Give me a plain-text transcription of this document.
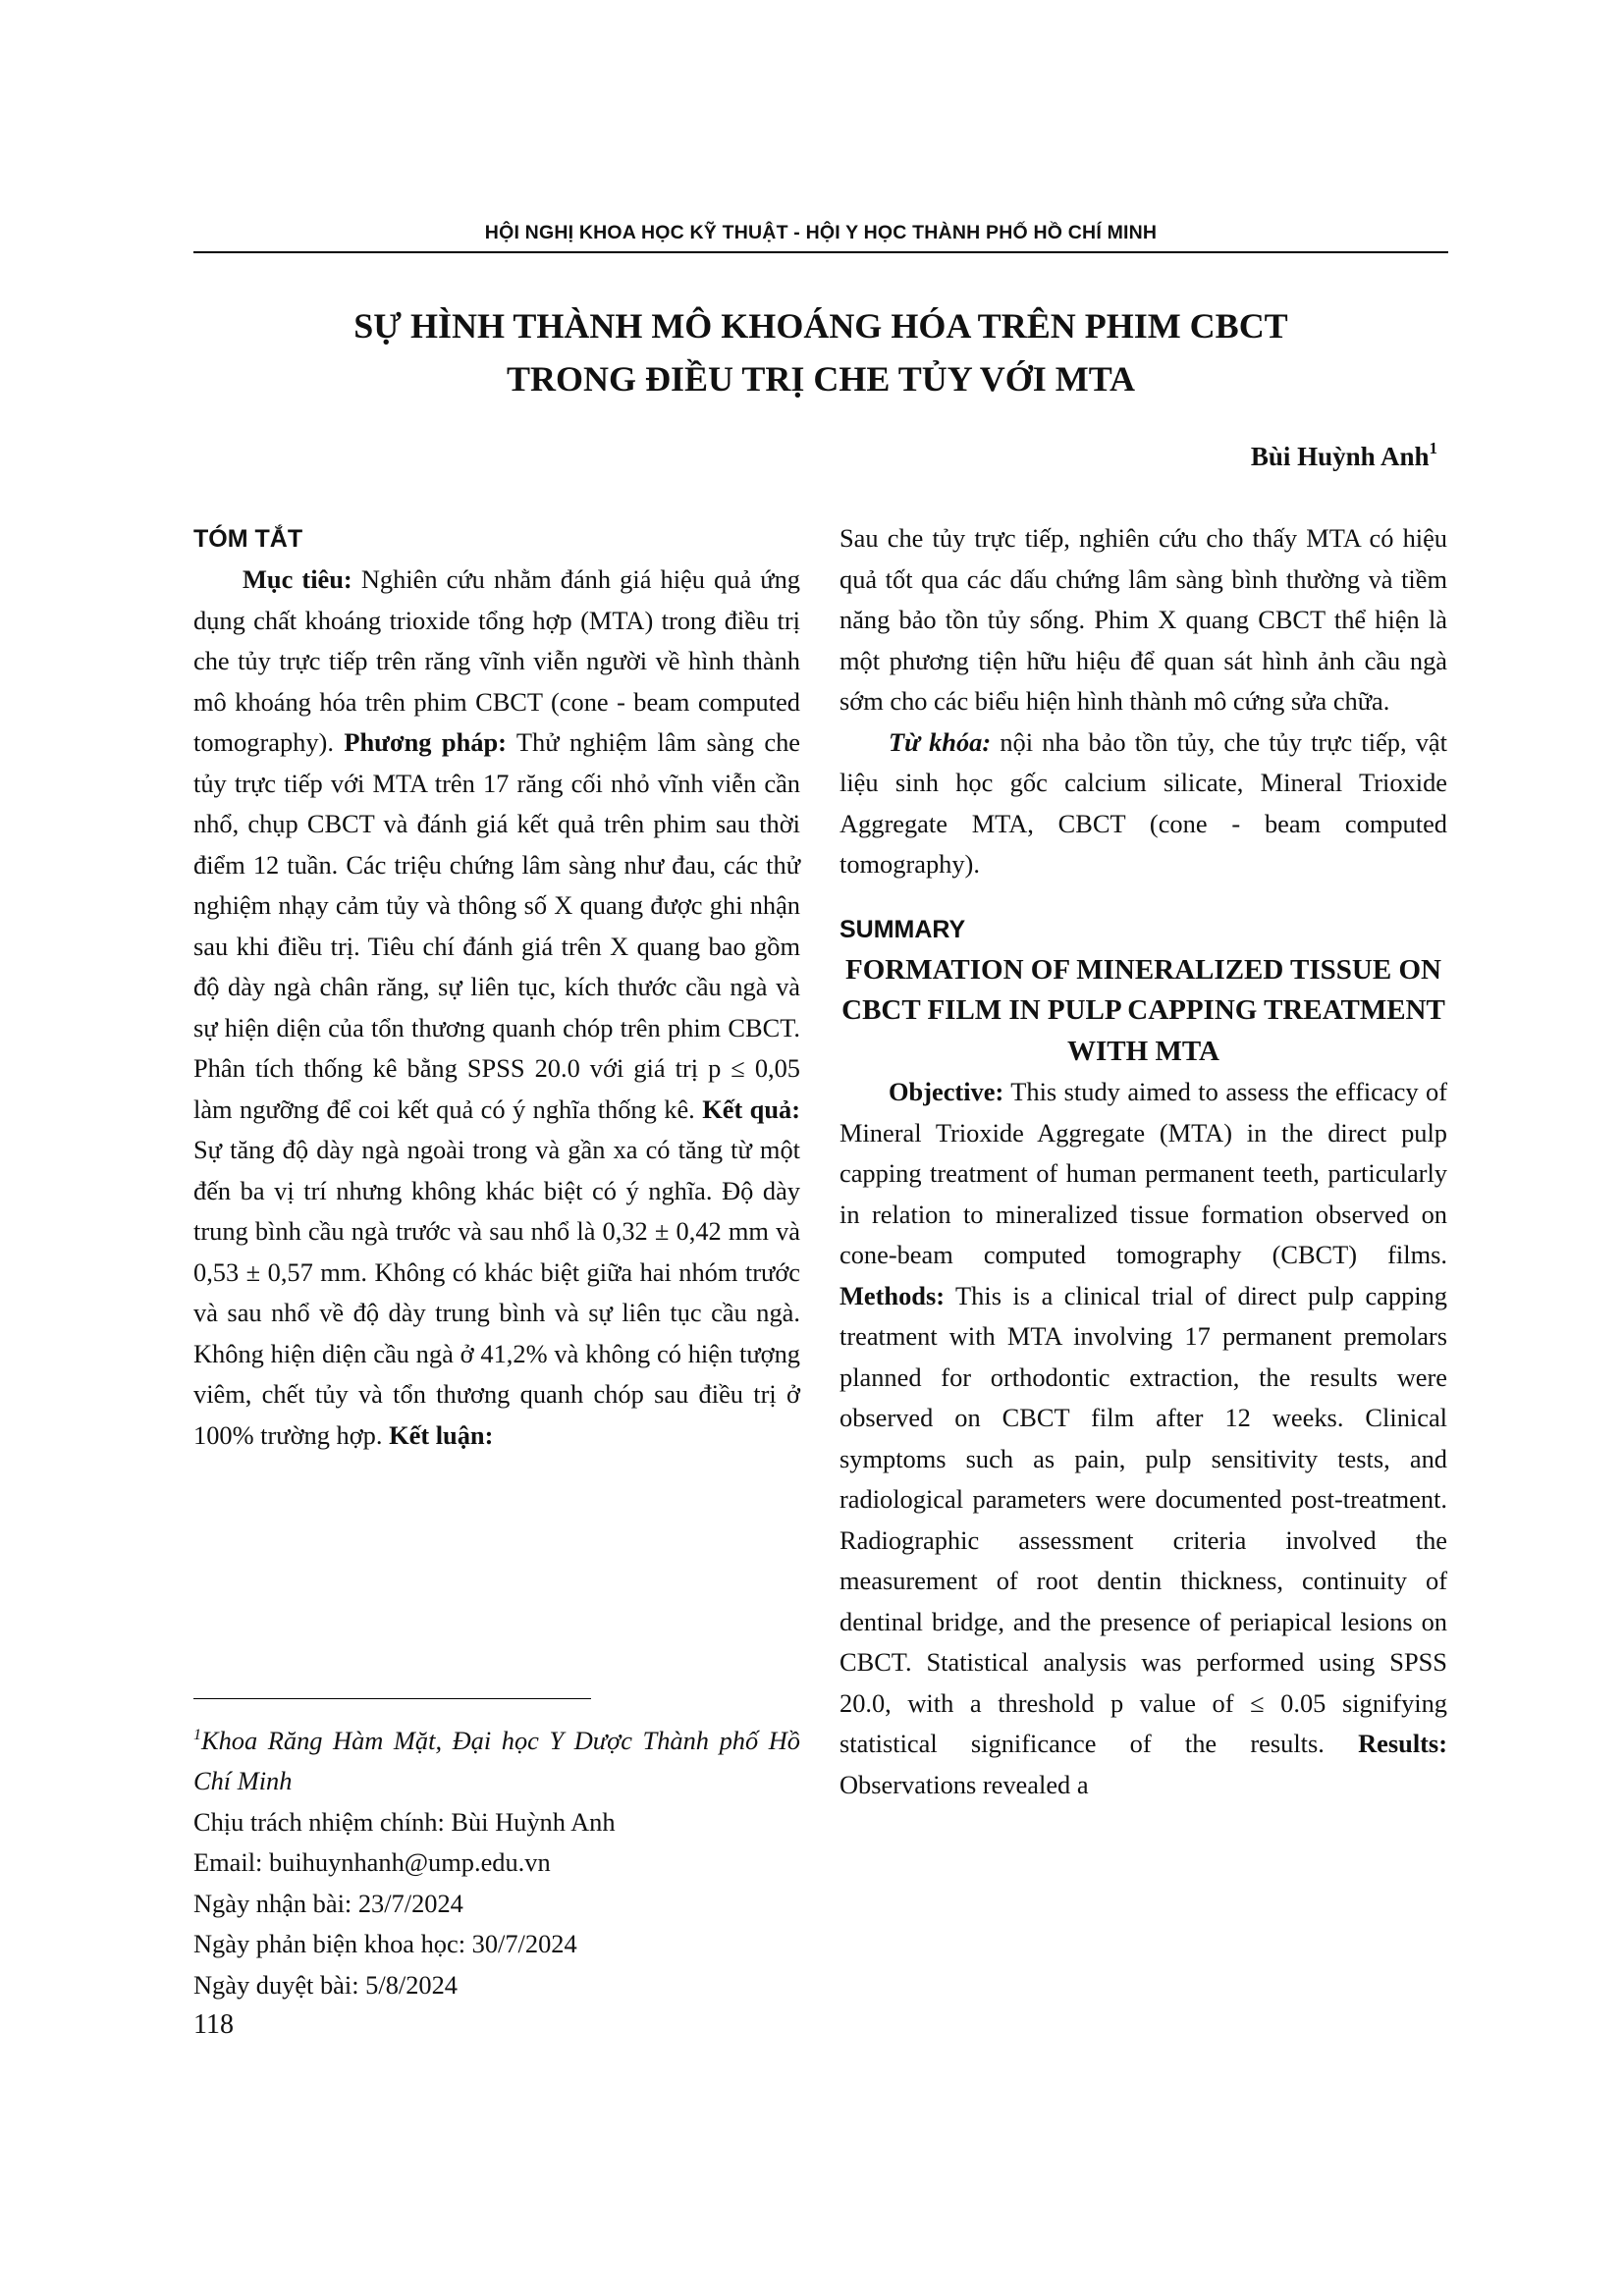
HỘI NGHỊ KHOA HỌC KỸ THUẬT - HỘI Y HỌC THÀNH PHỐ HỒ CHÍ MINH
SỰ HÌNH THÀNH MÔ KHOÁNG HÓA TRÊN PHIM CBCT
TRONG ĐIỀU TRỊ CHE TỦY VỚI MTA
Bùi Huỳnh Anh$^1$
TÓM TẮT

Mục tiêu: Nghiên cứu nhằm đánh giá hiệu quả ứng dụng chất khoáng trioxide tổng hợp (MTA) trong điều trị che tủy trực tiếp trên răng vĩnh viễn người về hình thành mô khoáng hóa trên phim CBCT (cone - beam computed tomography). Phương pháp: Thử nghiệm lâm sàng che tủy trực tiếp với MTA trên 17 răng cối nhỏ vĩnh viễn cần nhổ, chụp CBCT và đánh giá kết quả trên phim sau thời điểm 12 tuần. Các triệu chứng lâm sàng như đau, các thử nghiệm nhạy cảm tủy và thông số X quang được ghi nhận sau khi điều trị. Tiêu chí đánh giá trên X quang bao gồm độ dày ngà chân răng, sự liên tục, kích thước cầu ngà và sự hiện diện của tổn thương quanh chóp trên phim CBCT. Phân tích thống kê bằng SPSS 20.0 với giá trị p ≤ 0,05 làm ngưỡng để coi kết quả có ý nghĩa thống kê. Kết quả: Sự tăng độ dày ngà ngoài trong và gần xa có tăng từ một đến ba vị trí nhưng không khác biệt có ý nghĩa. Độ dày trung bình cầu ngà trước và sau nhổ là 0,32 ± 0,42 mm và 0,53 ± 0,57 mm. Không có khác biệt giữa hai nhóm trước và sau nhổ về độ dày trung bình và sự liên tục cầu ngà. Không hiện diện cầu ngà ở 41,2% và không có hiện tượng viêm, chết tủy và tổn thương quanh chóp sau điều trị ở 100% trường hợp. Kết luận:

$^1$Khoa Răng Hàm Mặt, Đại học Y Dược Thành phố Hồ Chí Minh
Chịu trách nhiệm chính: Bùi Huỳnh Anh
Email: buihuynhanh@ump.edu.vn
Ngày nhận bài: 23/7/2024
Ngày phản biện khoa học: 30/7/2024
Ngày duyệt bài: 5/8/2024
118

Sau che tủy trực tiếp, nghiên cứu cho thấy MTA có hiệu quả tốt qua các dấu chứng lâm sàng bình thường và tiềm năng bảo tồn tủy sống. Phim X quang CBCT thể hiện là một phương tiện hữu hiệu để quan sát hình ảnh cầu ngà sớm cho các biểu hiện hình thành mô cứng sửa chữa.

Từ khóa: nội nha bảo tồn tủy, che tủy trực tiếp, vật liệu sinh học gốc calcium silicate, Mineral Trioxide Aggregate MTA, CBCT (cone - beam computed tomography).

SUMMARY
FORMATION OF MINERALIZED TISSUE ON CBCT FILM IN PULP CAPPING TREATMENT WITH MTA

Objective: This study aimed to assess the efficacy of Mineral Trioxide Aggregate (MTA) in the direct pulp capping treatment of human permanent teeth, particularly in relation to mineralized tissue formation observed on cone-beam computed tomography (CBCT) films. Methods: This is a clinical trial of direct pulp capping treatment with MTA involving 17 permanent premolars planned for orthodontic extraction, the results were observed on CBCT film after 12 weeks. Clinical symptoms such as pain, pulp sensitivity tests, and radiological parameters were documented post-treatment. Radiographic assessment criteria involved the measurement of root dentin thickness, continuity of dentinal bridge, and the presence of periapical lesions on CBCT. Statistical analysis was performed using SPSS 20.0, with a threshold p value of ≤ 0.05 signifying statistical significance of the results. Results: Observations revealed a
